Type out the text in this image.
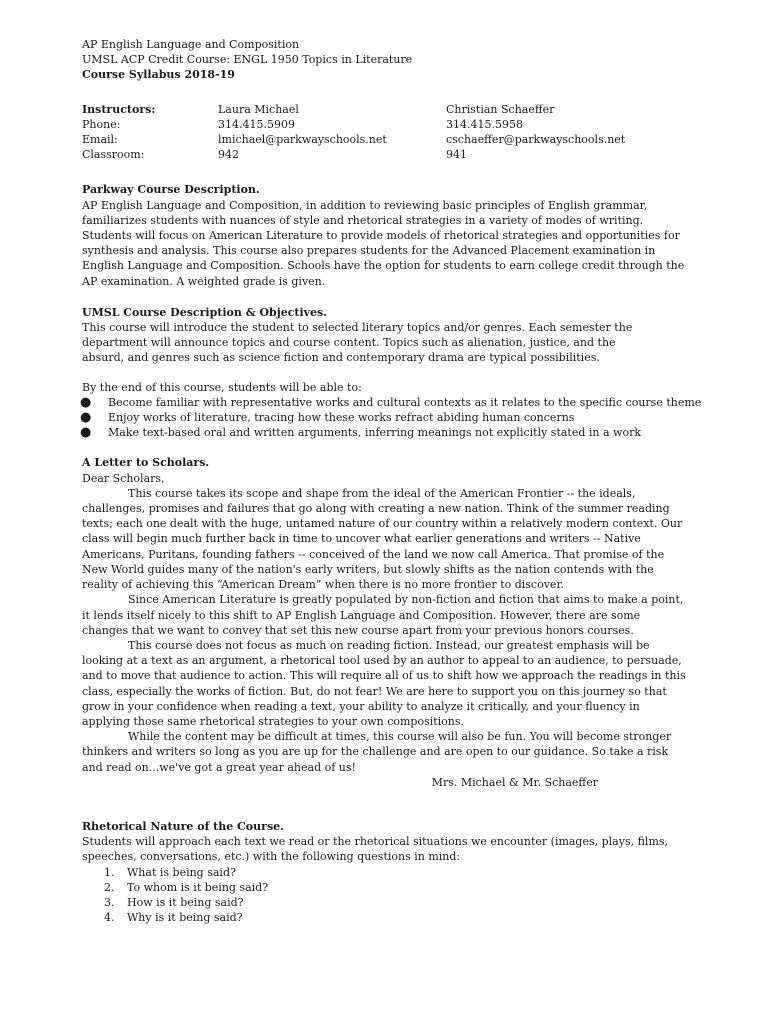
AP English Language and Composition
UMSL ACP Credit Course: ENGL 1950 Topics in Literature
Course Syllabus 2018-19
Instructors:	Laura Michael	Christian Schaeffer
Phone:	314.415.5909	314.415.5958
Email:	lmichael@parkwayschools.net	cschaeffer@parkwayschools.net
Classroom:	942	941
Parkway Course Description.

AP English Language and Composition, in addition to reviewing basic principles of English grammar, familiarizes students with nuances of style and rhetorical strategies in a variety of modes of writing. Students will focus on American Literature to provide models of rhetorical strategies and opportunities for synthesis and analysis. This course also prepares students for the Advanced Placement examination in English Language and Composition. Schools have the option for students to earn college credit through the AP examination. A weighted grade is given.

UMSL Course Description & Objectives.

This course will introduce the student to selected literary topics and/or genres. Each semester the

department will announce topics and course content. Topics such as alienation, justice, and the

absurd, and genres such as science fiction and contemporary drama are typical possibilities.

By the end of this course, students will be able to:

● Become familiar with representative works and cultural contexts as it relates to the specific course theme
● Enjoy works of literature, tracing how these works refract abiding human concerns
● Make text-based oral and written arguments, inferring meanings not explicitly stated in a work
A Letter to Scholars.

Dear Scholars,

This course takes its scope and shape from the ideal of the American Frontier -- the ideals, challenges, promises and failures that go along with creating a new nation. Think of the summer reading texts; each one dealt with the huge, untamed nature of our country within a relatively modern context. Our class will begin much further back in time to uncover what earlier generations and writers -- Native Americans, Puritans, founding fathers -- conceived of the land we now call America. That promise of the New World guides many of the nation's early writers, but slowly shifts as the nation contends with the reality of achieving this “American Dream” when there is no more frontier to discover.

Since American Literature is greatly populated by non-fiction and fiction that aims to make a point, it lends itself nicely to this shift to AP English Language and Composition. However, there are some changes that we want to convey that set this new course apart from your previous honors courses.

This course does not focus as much on reading fiction. Instead, our greatest emphasis will be looking at a text as an argument, a rhetorical tool used by an author to appeal to an audience, to persuade, and to move that audience to action. This will require all of us to shift how we approach the readings in this class, especially the works of fiction. But, do not fear! We are here to support you on this journey so that grow in your confidence when reading a text, your ability to analyze it critically, and your fluency in applying those same rhetorical strategies to your own compositions.

While the content may be difficult at times, this course will also be fun. You will become stronger thinkers and writers so long as you are up for the challenge and are open to our guidance. So take a risk and read on...we've got a great year ahead of us!

Mrs. Michael & Mr. Schaeffer

Rhetorical Nature of the Course.

Students will approach each text we read or the rhetorical situations we encounter (images, plays, films, speeches, conversations, etc.) with the following questions in mind:

1.	What is being said?
2.	To whom is it being said?
3.	How is it being said?
4.	Why is it being said?
